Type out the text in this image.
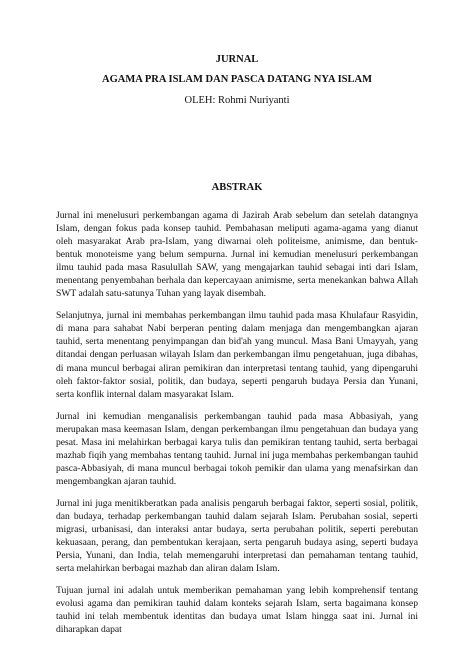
JURNAL
AGAMA PRA ISLAM DAN PASCA DATANG NYA ISLAM
OLEH: Rohmi Nuriyanti
ABSTRAK

Jurnal ini menelusuri perkembangan agama di Jazirah Arab sebelum dan setelah datangnya Islam, dengan fokus pada konsep tauhid. Pembahasan meliputi agama-agama yang dianut oleh masyarakat Arab pra-Islam, yang diwarnai oleh politeisme, animisme, dan bentuk-bentuk monoteisme yang belum sempurna. Jurnal ini kemudian menelusuri perkembangan ilmu tauhid pada masa Rasulullah SAW, yang mengajarkan tauhid sebagai inti dari Islam, menentang penyembahan berhala dan kepercayaan animisme, serta menekankan bahwa Allah SWT adalah satu-satunya Tuhan yang layak disembah.

Selanjutnya, jurnal ini membahas perkembangan ilmu tauhid pada masa Khulafaur Rasyidin, di mana para sahabat Nabi berperan penting dalam menjaga dan mengembangkan ajaran tauhid, serta menentang penyimpangan dan bid'ah yang muncul. Masa Bani Umayyah, yang ditandai dengan perluasan wilayah Islam dan perkembangan ilmu pengetahuan, juga dibahas, di mana muncul berbagai aliran pemikiran dan interpretasi tentang tauhid, yang dipengaruhi oleh faktor-faktor sosial, politik, dan budaya, seperti pengaruh budaya Persia dan Yunani, serta konflik internal dalam masyarakat Islam.

Jurnal ini kemudian menganalisis perkembangan tauhid pada masa Abbasiyah, yang merupakan masa keemasan Islam, dengan perkembangan ilmu pengetahuan dan budaya yang pesat. Masa ini melahirkan berbagai karya tulis dan pemikiran tentang tauhid, serta berbagai mazhab fiqih yang membahas tentang tauhid. Jurnal ini juga membahas perkembangan tauhid pasca-Abbasiyah, di mana muncul berbagai tokoh pemikir dan ulama yang menafsirkan dan mengembangkan ajaran tauhid.

Jurnal ini juga menitikberatkan pada analisis pengaruh berbagai faktor, seperti sosial, politik, dan budaya, terhadap perkembangan tauhid dalam sejarah Islam. Perubahan sosial, seperti migrasi, urbanisasi, dan interaksi antar budaya, serta perubahan politik, seperti perebutan kekuasaan, perang, dan pembentukan kerajaan, serta pengaruh budaya asing, seperti budaya Persia, Yunani, dan India, telah memengaruhi interpretasi dan pemahaman tentang tauhid, serta melahirkan berbagai mazhab dan aliran dalam Islam.

Tujuan jurnal ini adalah untuk memberikan pemahaman yang lebih komprehensif tentang evolusi agama dan pemikiran tauhid dalam konteks sejarah Islam, serta bagaimana konsep tauhid ini telah membentuk identitas dan budaya umat Islam hingga saat ini. Jurnal ini diharapkan dapat
